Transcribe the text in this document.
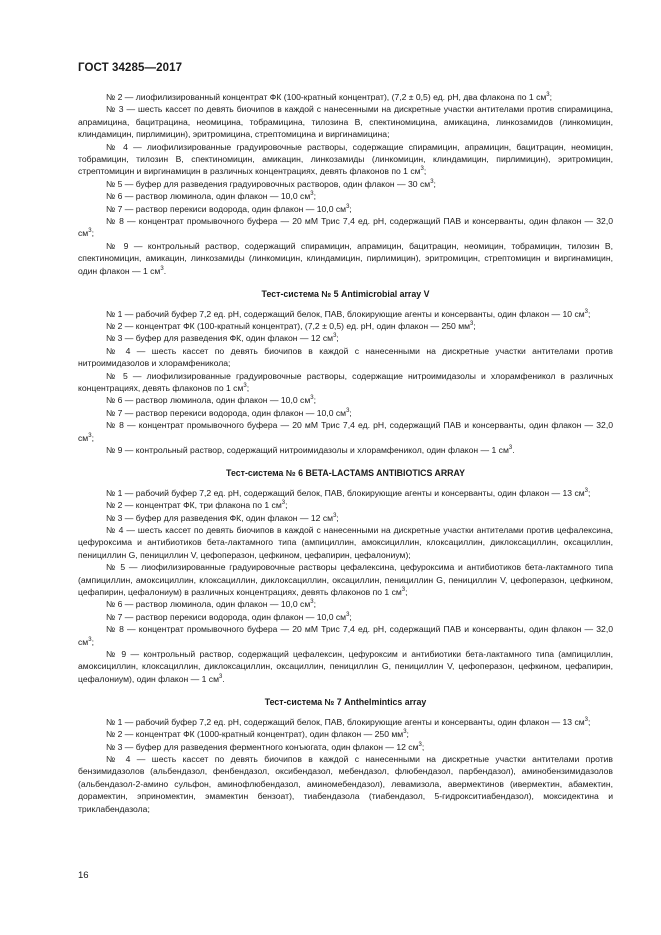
ГОСТ 34285—2017

№ 2 — лиофилизированный концентрат ФК (100-кратный концентрат), (7,2 ± 0,5) ед. pH, два флакона по 1 $см^3$;

№ 3 — шесть кассет по девять биочипов в каждой с нанесенными на дискретные участки антителами против спирамицина, апрамицина, бацитрацина, неомицина, тобрамицина, тилозина В, спектиномицина, амикацина, линкозамидов (линкомицин, клиндамицин, пирлимицин), эритромицина, стрептомицина и виргинамицина;

№ 4 — лиофилизированные градуировочные растворы, содержащие спирамицин, апрамицин, бацитрацин, неомицин, тобрамицин, тилозин В, спектиномицин, амикацин, линкозамиды (линкомицин, клиндамицин, пирлимицин), эритромицин, стрептомицин и виргинамицин в различных концентрациях, девять флаконов по 1 $см^3$;

№ 5 — буфер для разведения градуировочных растворов, один флакон — 30 $см^3$;

№ 6 — раствор люминола, один флакон — 10,0 $см^3$;

№ 7 — раствор перекиси водорода, один флакон — 10,0 $см^3$;

№ 8 — концентрат промывочного буфера — 20 мМ Трис 7,4 ед. pH, содержащий ПАВ и консерванты, один флакон — 32,0 $см^3$;

№ 9 — контрольный раствор, содержащий спирамицин, апрамицин, бацитрацин, неомицин, тобрамицин, тилозин В, спектиномицин, амикацин, линкозамиды (линкомицин, клиндамицин, пирлимицин), эритромицин, стрептомицин и виргинамицин, один флакон — 1 $см^3$.

Тест-система № 5 Antimicrobial array V

№ 1 — рабочий буфер 7,2 ед. pH, содержащий белок, ПАВ, блокирующие агенты и консерванты, один флакон — 10 $см^3$;

№ 2 — концентрат ФК (100-кратный концентрат), (7,2 ± 0,5) ед. pH, один флакон — 250 $мм^3$;

№ 3 — буфер для разведения ФК, один флакон — 12 $см^3$;

№ 4 — шесть кассет по девять биочипов в каждой с нанесенными на дискретные участки антителами против нитроимидазолов и хлорамфеникола;

№ 5 — лиофилизированные градуировочные растворы, содержащие нитроимидазолы и хлорамфеникол в различных концентрациях, девять флаконов по 1 $см^3$;

№ 6 — раствор люминола, один флакон — 10,0 $см^3$;

№ 7 — раствор перекиси водорода, один флакон — 10,0 $см^3$;

№ 8 — концентрат промывочного буфера — 20 мМ Трис 7,4 ед. pH, содержащий ПАВ и консерванты, один флакон — 32,0 $см^3$;

№ 9 — контрольный раствор, содержащий нитроимидазолы и хлорамфеникол, один флакон — 1 $см^3$.

Тест-система № 6 BETA-LACTAMS ANTIBIOTICS ARRAY

№ 1 — рабочий буфер 7,2 ед. pH, содержащий белок, ПАВ, блокирующие агенты и консерванты, один флакон — 13 $см^3$;

№ 2 — концентрат ФК, три флакона по 1 $см^3$;

№ 3 — буфер для разведения ФК, один флакон — 12 $см^3$;

№ 4 — шесть кассет по девять биочипов в каждой с нанесенными на дискретные участки антителами против цефалексина, цефуроксима и антибиотиков бета-лактамного типа (ампициллин, амоксициллин, клоксациллин, диклоксациллин, оксациллин, пенициллин G, пенициллин V, цефоперазон, цефкином, цефапирин, цефалониум);

№ 5 — лиофилизированные градуировочные растворы цефалексина, цефуроксима и антибиотиков бета-лактамного типа (ампициллин, амоксициллин, клоксациллин, диклоксациллин, оксациллин, пенициллин G, пенициллин V, цефоперазон, цефкином, цефапирин, цефалониум) в различных концентрациях, девять флаконов по 1 $см^3$;

№ 6 — раствор люминола, один флакон — 10,0 $см^3$;

№ 7 — раствор перекиси водорода, один флакон — 10,0 $см^3$;

№ 8 — концентрат промывочного буфера — 20 мМ Трис 7,4 ед. pH, содержащий ПАВ и консерванты, один флакон — 32,0 $см^3$;

№ 9 — контрольный раствор, содержащий цефалексин, цефуроксим и антибиотики бета-лактамного типа (ампициллин, амоксициллин, клоксациллин, диклоксациллин, оксациллин, пенициллин G, пенициллин V, цефоперазон, цефкином, цефапирин, цефалониум), один флакон — 1 $см^3$.

Тест-система № 7 Anthelmintics array

№ 1 — рабочий буфер 7,2 ед. pH, содержащий белок, ПАВ, блокирующие агенты и консерванты, один флакон — 13 $см^3$;

№ 2 — концентрат ФК (1000-кратный концентрат), один флакон — 250 $мм^3$;

№ 3 — буфер для разведения ферментного конъюгата, один флакон — 12 $см^3$;

№ 4 — шесть кассет по девять биочипов в каждой с нанесенными на дискретные участки антителами против бензимидазолов (альбендазол, фенбендазол, оксибендазол, мебендазол, флюбендазол, парбендазол), аминобензимидазолов (альбендазол-2-амино сульфон, аминофлюбендазол, аминомебендазол), левамизола, авермектинов (ивермектин, абамектин, дорамектин, эприномектин, эмамектин бензоат), тиабендазола (тиабендазол, 5-гидрокситиабендазол), моксидектина и триклабендазола;

16
